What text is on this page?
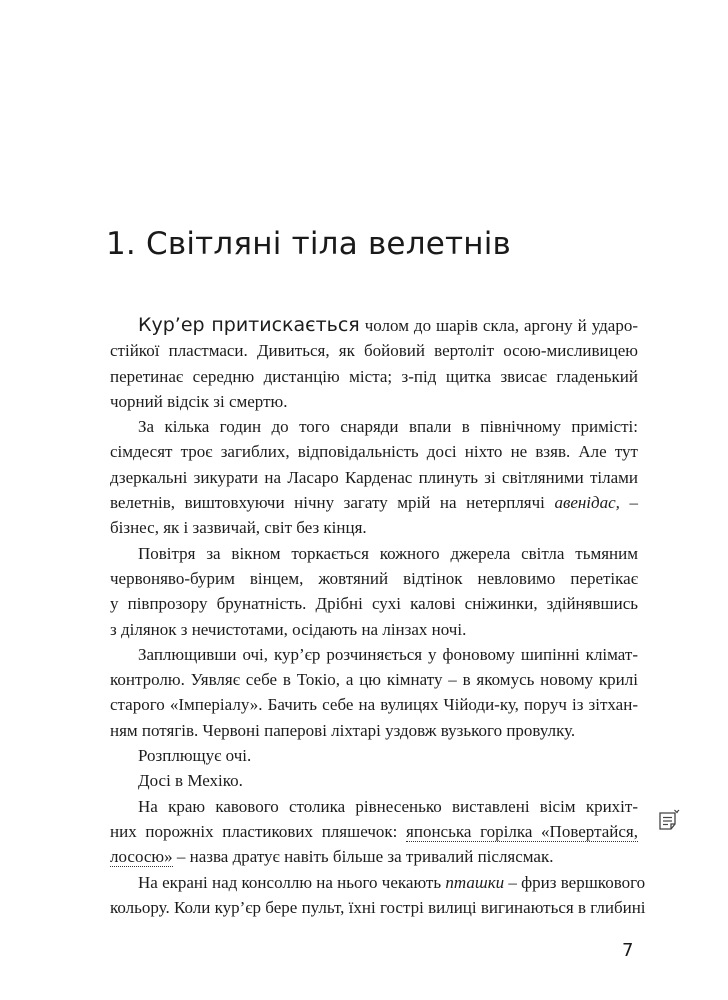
1. Світляні тіла велетнів
Кур’ер притискається чолом до шарів скла, аргону й ударо-
стійкої пластмаси. Дивиться, як бойовий вертоліт осою-мисливицею
перетинає середню дистанцію міста; з-під щитка звисає гладенький
чорний відсік зі смертю.
За кілька годин до того снаряди впали в північному примісті:
сімдесят троє загиблих, відповідальність досі ніхто не взяв. Але тут
дзеркальні зикурати на Ласаро Карденас плинуть зі світляними тілами
велетнів, виштовхуючи нічну загату мрій на нетерплячі авенідас, –
бізнес, як і зазвичай, світ без кінця.
Повітря за вікном торкається кожного джерела світла тьмяним
червоняво-бурим вінцем, жовтяний відтінок невловимо перетікає
у півпрозору брунатність. Дрібні сухі калові сніжинки, здійнявшись
з ділянок з нечистотами, осідають на лінзах ночі.
Заплющивши очі, кур’єр розчиняється у фоновому шипінні клімат-
контролю. Уявляє себе в Токіо, а цю кімнату – в якомусь новому крилі
старого «Імперіалу». Бачить себе на вулицях Чійоди-ку, поруч із зітхан-
ням потягів. Червоні паперові ліхтарі уздовж вузького провулку.
Розплющує очі.
Досі в Мехіко.
На краю кавового столика рівнесенько виставлені вісім крихіт-
них порожніх пластикових пляшечок: японська горілка «Повертайся,
лососю» – назва дратує навіть більше за тривалий післясмак.
На екрані над консоллю на нього чекають пташки – фриз вершкового
кольору. Коли кур’єр бере пульт, їхні гострі вилиці вигинаються в глибині
7
